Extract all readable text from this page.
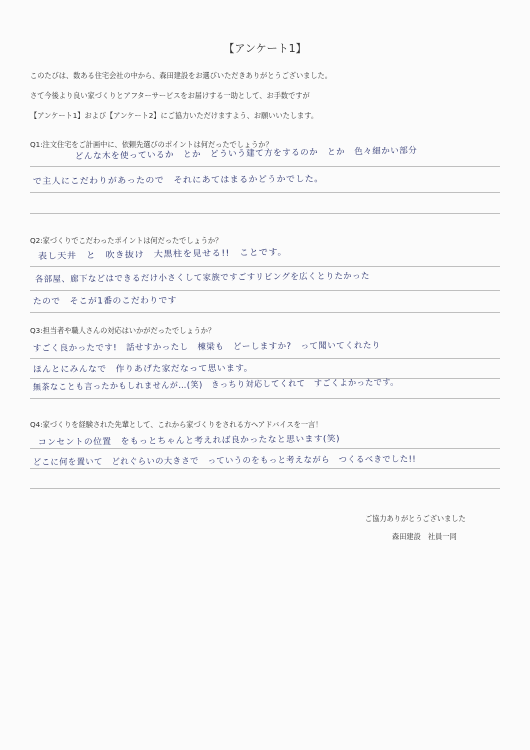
【アンケート1】
このたびは、数ある住宅会社の中から、森田建設をお選びいただきありがとうございました。
さて今後より良い家づくりとアフターサービスをお届けする一助として、お手数ですが
【アンケート1】および【アンケート2】にご協力いただけますよう、お願いいたします。
Q1:注文住宅をご計画中に、依頼先選びのポイントは何だったでしょうか？
どんな木を使っているか　とか　どういう建て方をするのか　とか　色々細かい部分
で主人にこだわりがあったので　それにあてはまるかどうかでした。
Q2:家づくりでこだわったポイントは何だったでしょうか？
表し天井　と　吹き抜け　大黒柱を見せる!!　ことです。
各部屋、廊下などはできるだけ小さくして家族ですごすリビングを広くとりたかった
たので　そこが1番のこだわりです
Q3:担当者や職人さんの対応はいかがだったでしょうか？
すごく良かったです!　話せすかったし　棟梁も　どーしますか?　って聞いてくれたり
ほんとにみんなで　作りあげた家だなって思います。
無茶なことも言ったかもしれませんが…(笑)　きっちり対応してくれて　すごくよかったです。
Q4:家づくりを経験された先輩として、これから家づくりをされる方へアドバイスを一言！
コンセントの位置　をもっとちゃんと考えれば良かったなと思います(笑)
どこに何を置いて　どれぐらいの大きさで　っていうのをもっと考えながら　つくるべきでした!!
ご協力ありがとうございました
森田建設　社員一同
